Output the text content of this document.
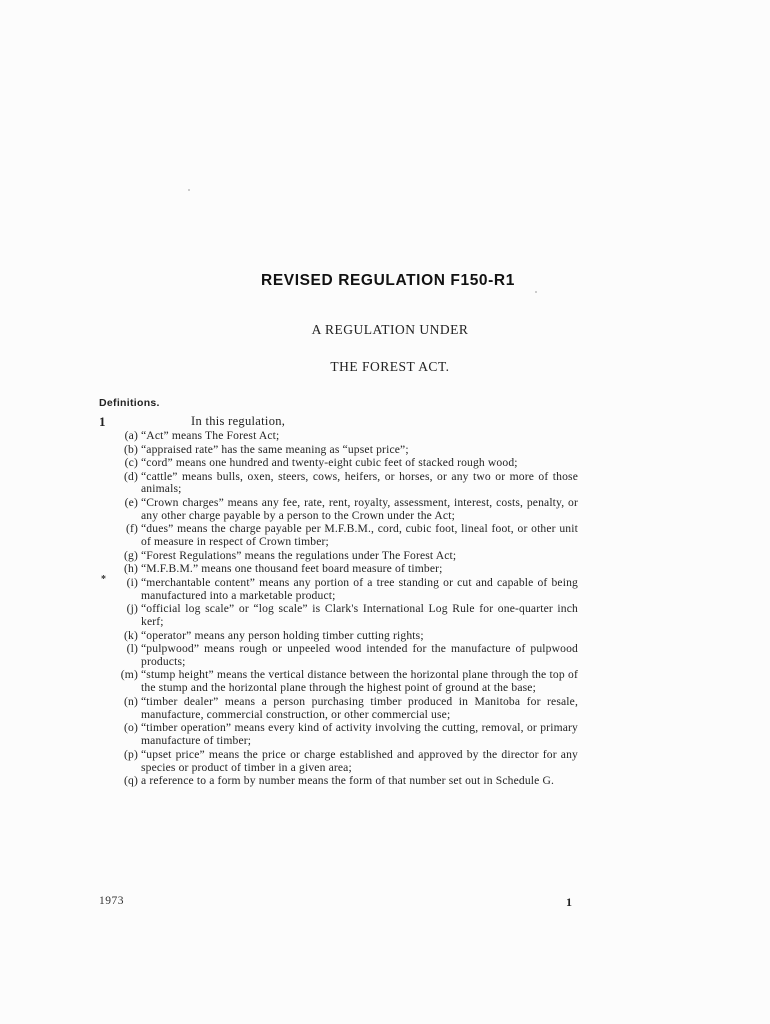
REVISED REGULATION F150-R1
A REGULATION UNDER
THE FOREST ACT.
Definitions.
1	In this regulation,
*
(a) “Act” means The Forest Act;
(b) “appraised rate” has the same meaning as “upset price”;
(c) “cord” means one hundred and twenty-eight cubic feet of stacked rough wood;
(d) “cattle” means bulls, oxen, steers, cows, heifers, or horses, or any two or more of those animals;
(e) “Crown charges” means any fee, rate, rent, royalty, assessment, interest, costs, penalty, or any other charge payable by a person to the Crown under the Act;
(f) “dues” means the charge payable per M.F.B.M., cord, cubic foot, lineal foot, or other unit of measure in respect of Crown timber;
(g) “Forest Regulations” means the regulations under The Forest Act;
(h) “M.F.B.M.” means one thousand feet board measure of timber;
(i) “merchantable content” means any portion of a tree standing or cut and capable of being manufactured into a marketable product;
(j) “official log scale” or “log scale” is Clark's International Log Rule for one-quarter inch kerf;
(k) “operator” means any person holding timber cutting rights;
(l) “pulpwood” means rough or unpeeled wood intended for the manufacture of pulpwood products;
(m) “stump height” means the vertical distance between the horizontal plane through the top of the stump and the horizontal plane through the highest point of ground at the base;
(n) “timber dealer” means a person purchasing timber produced in Manitoba for resale, manufacture, commercial construction, or other commercial use;
(o) “timber operation” means every kind of activity involving the cutting, removal, or primary manufacture of timber;
(p) “upset price” means the price or charge established and approved by the director for any species or product of timber in a given area;
(q) a reference to a form by number means the form of that number set out in Schedule G.
1973	1
